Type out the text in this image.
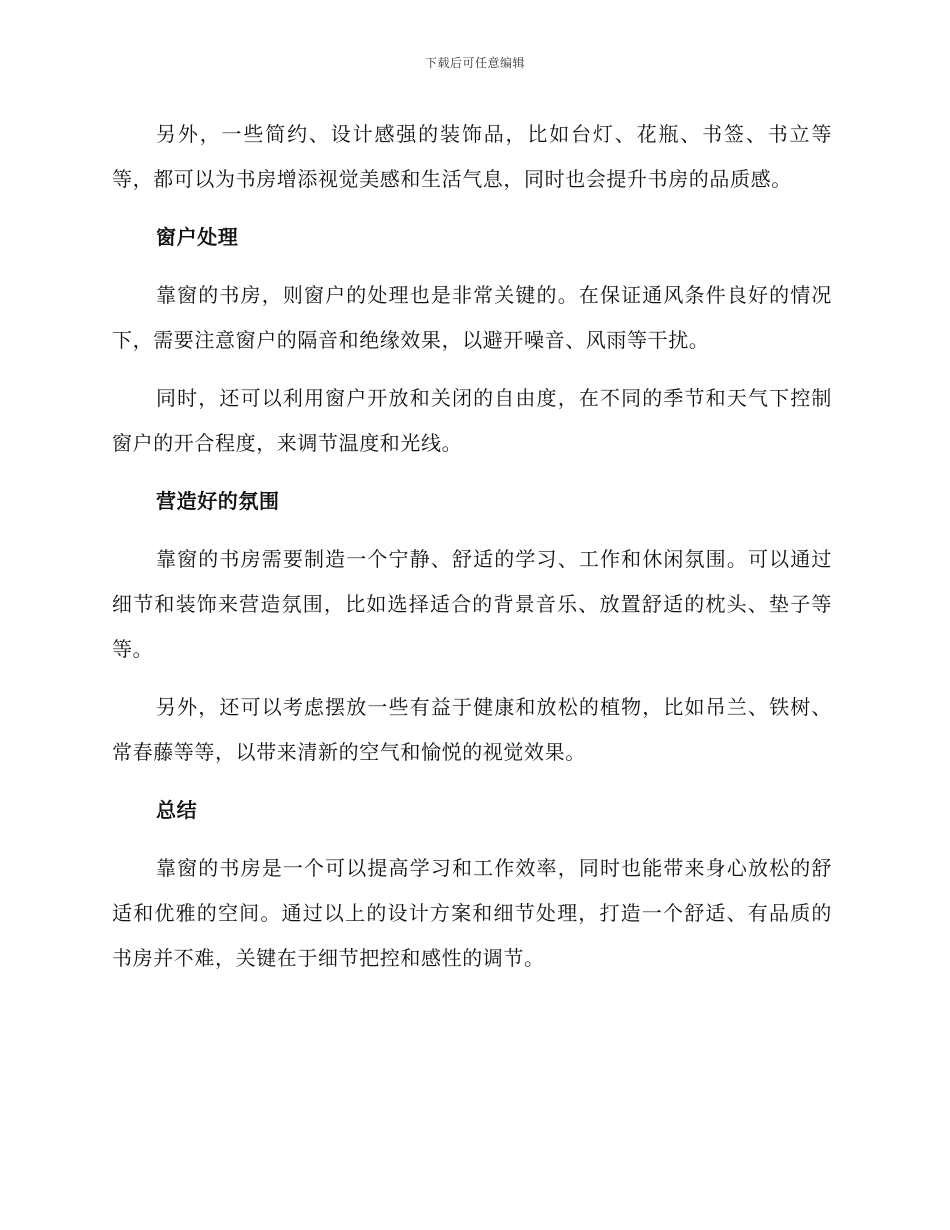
下载后可任意编辑

另外，一些简约、设计感强的装饰品，比如台灯、花瓶、书签、书立等等，都可以为书房增添视觉美感和生活气息，同时也会提升书房的品质感。

窗户处理

靠窗的书房，则窗户的处理也是非常关键的。在保证通风条件良好的情况下，需要注意窗户的隔音和绝缘效果，以避开噪音、风雨等干扰。

同时，还可以利用窗户开放和关闭的自由度，在不同的季节和天气下控制窗户的开合程度，来调节温度和光线。

营造好的氛围

靠窗的书房需要制造一个宁静、舒适的学习、工作和休闲氛围。可以通过细节和装饰来营造氛围，比如选择适合的背景音乐、放置舒适的枕头、垫子等等。

另外，还可以考虑摆放一些有益于健康和放松的植物，比如吊兰、铁树、常春藤等等，以带来清新的空气和愉悦的视觉效果。

总结

靠窗的书房是一个可以提高学习和工作效率，同时也能带来身心放松的舒适和优雅的空间。通过以上的设计方案和细节处理，打造一个舒适、有品质的书房并不难，关键在于细节把控和感性的调节。
